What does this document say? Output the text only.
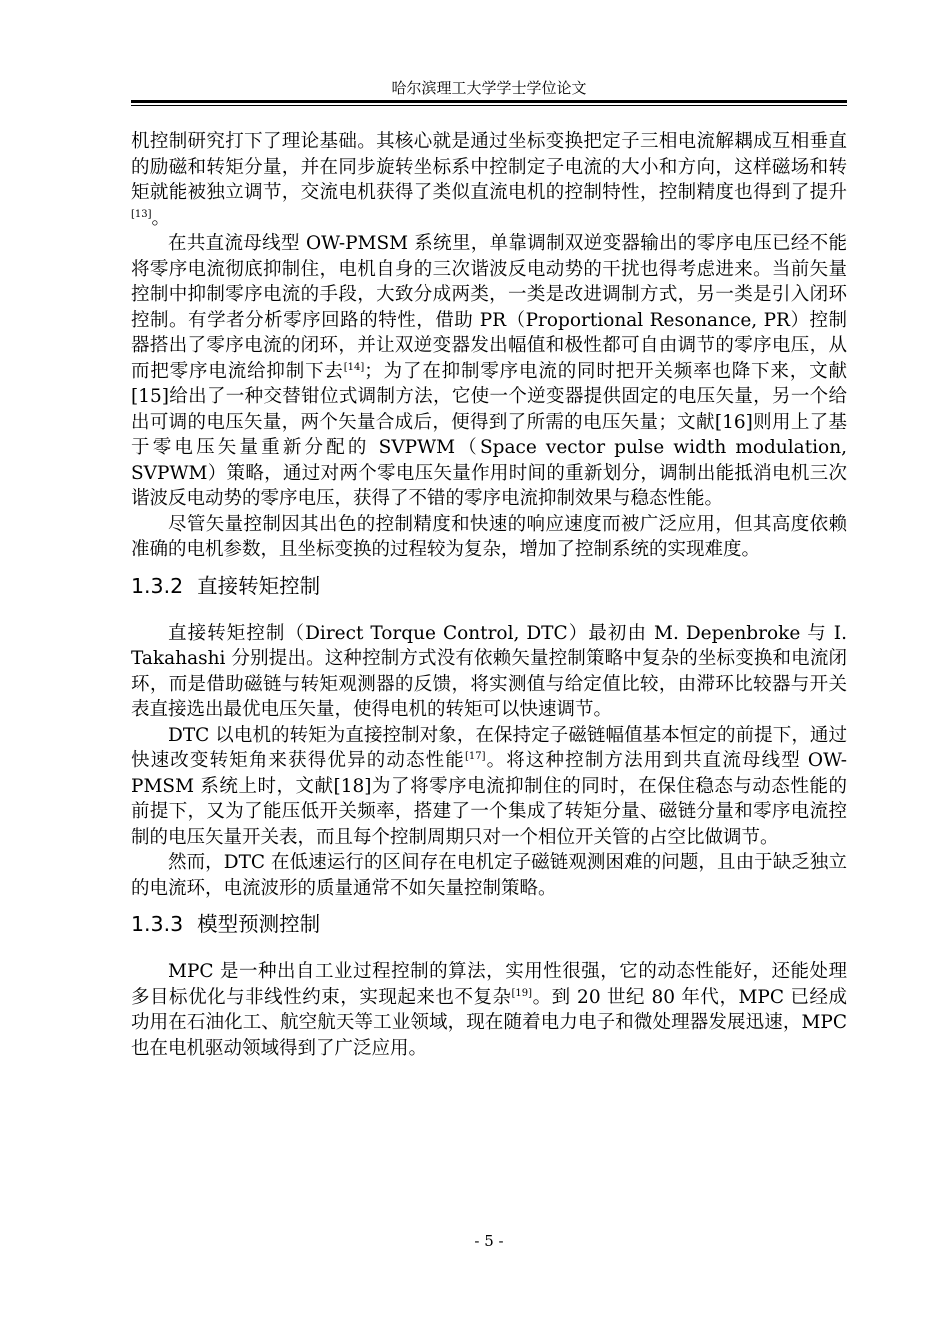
哈尔滨理工大学学士学位论文

机控制研究打下了理论基础。其核心就是通过坐标变换把定子三相电流解耦成互相垂直的励磁和转矩分量，并在同步旋转坐标系中控制定子电流的大小和方向，这样磁场和转矩就能被独立调节，交流电机获得了类似直流电机的控制特性，控制精度也得到了提升[13]。

在共直流母线型 OW-PMSM 系统里，单靠调制双逆变器输出的零序电压已经不能将零序电流彻底抑制住，电机自身的三次谐波反电动势的干扰也得考虑进来。当前矢量控制中抑制零序电流的手段，大致分成两类，一类是改进调制方式，另一类是引入闭环控制。有学者分析零序回路的特性，借助 PR（Proportional Resonance, PR）控制器搭出了零序电流的闭环，并让双逆变器发出幅值和极性都可自由调节的零序电压，从而把零序电流给抑制下去[14]；为了在抑制零序电流的同时把开关频率也降下来，文献[15]给出了一种交替钳位式调制方法，它使一个逆变器提供固定的电压矢量，另一个给出可调的电压矢量，两个矢量合成后，便得到了所需的电压矢量；文献[16]则用上了基于零电压矢量重新分配的 SVPWM（Space vector pulse width modulation, SVPWM）策略，通过对两个零电压矢量作用时间的重新划分，调制出能抵消电机三次谐波反电动势的零序电压，获得了不错的零序电流抑制效果与稳态性能。

尽管矢量控制因其出色的控制精度和快速的响应速度而被广泛应用，但其高度依赖准确的电机参数，且坐标变换的过程较为复杂，增加了控制系统的实现难度。

1.3.2 直接转矩控制

直接转矩控制（Direct Torque Control, DTC）最初由 M. Depenbroke 与 I. Takahashi 分别提出。这种控制方式没有依赖矢量控制策略中复杂的坐标变换和电流闭环，而是借助磁链与转矩观测器的反馈，将实测值与给定值比较，由滞环比较器与开关表直接选出最优电压矢量，使得电机的转矩可以快速调节。

DTC 以电机的转矩为直接控制对象，在保持定子磁链幅值基本恒定的前提下，通过快速改变转矩角来获得优异的动态性能[17]。将这种控制方法用到共直流母线型 OW-PMSM 系统上时，文献[18]为了将零序电流抑制住的同时，在保住稳态与动态性能的前提下，又为了能压低开关频率，搭建了一个集成了转矩分量、磁链分量和零序电流控制的电压矢量开关表，而且每个控制周期只对一个相位开关管的占空比做调节。

然而，DTC 在低速运行的区间存在电机定子磁链观测困难的问题，且由于缺乏独立的电流环，电流波形的质量通常不如矢量控制策略。

1.3.3 模型预测控制

MPC 是一种出自工业过程控制的算法，实用性很强，它的动态性能好，还能处理多目标优化与非线性约束，实现起来也不复杂[19]。到 20 世纪 80 年代，MPC 已经成功用在石油化工、航空航天等工业领域，现在随着电力电子和微处理器发展迅速，MPC 也在电机驱动领域得到了广泛应用。

- 5 -
